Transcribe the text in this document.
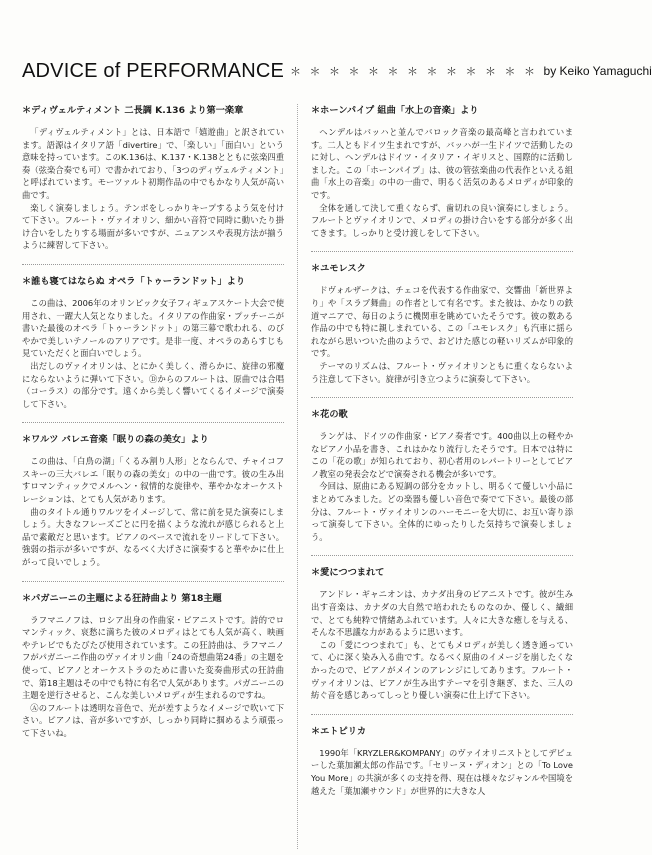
ADVICE of PERFORMANCE ＊＊＊＊＊＊＊＊＊＊＊＊＊ by Keiko Yamaguchi
＊ディヴェルティメント 二長調 K.136 より第一楽章

「ディヴェルティメント」とは、日本語で「嬉遊曲」と訳されています。語源はイタリア語「divertire」で、「楽しい」「面白い」という意味を持っています。このK.136は、K.137・K.138とともに弦楽四重奏（弦楽合奏でも可）で書かれており、「3つのディヴェルティメント」と呼ばれています。モーツァルト初期作品の中でもかなり人気が高い曲です。

楽しく演奏しましょう。テンポをしっかりキープするよう気を付けて下さい。フルート・ヴァイオリン、細かい音符で同時に動いたり掛け合いをしたりする場面が多いですが、ニュアンスや表現方法が揃うように練習して下さい。

＊誰も寝てはならぬ オペラ「トゥーランドット」より

この曲は、2006年のオリンピック女子フィギュアスケート大会で使用され、一躍大人気となりました。イタリアの作曲家・プッチーニが書いた最後のオペラ「トゥーランドット」の第三幕で歌われる、のびやかで美しいテノールのアリアです。是非一度、オペラのあらすじも見ていただくと面白いでしょう。

出だしのヴァイオリンは、とにかく美しく、滑らかに、旋律の邪魔にならないように弾いて下さい。Ⓓからのフルートは、原曲では合唱（コーラス）の部分です。遠くから美しく響いてくるイメージで演奏して下さい。

＊ワルツ バレエ音楽「眠りの森の美女」より

この曲は、「白鳥の湖」「くるみ割り人形」とならんで、チャイコフスキーの三大バレエ「眠りの森の美女」の中の一曲です。彼の生み出すロマンティックでメルヘン・叙情的な旋律や、華やかなオーケストレーションは、とても人気があります。

曲のタイトル通りワルツをイメージして、常に前を見た演奏にしましょう。大きなフレーズごとに円を描くような流れが感じられると上品で素敵だと思います。ピアノのベースで流れをリードして下さい。強弱の指示が多いですが、なるべく大げさに演奏すると華やかに仕上がって良いでしょう。

＊パガニーニの主題による狂詩曲より 第18主題

ラフマニノフは、ロシア出身の作曲家・ピアニストです。詩的でロマンティック、哀愁に満ちた彼のメロディはとても人気が高く、映画やテレビでもたびたび使用されています。この狂詩曲は、ラフマニノフがパガニーニ作曲のヴァイオリン曲「24の奇想曲第24番」の主題を使って、ピアノとオーケストラのために書いた変奏曲形式の狂詩曲で、第18主題はその中でも特に有名で人気があります。パガニーニの主題を逆行させると、こんな美しいメロディが生まれるのですね。

Ⓐのフルートは透明な音色で、光が差すようなイメージで吹いて下さい。ピアノは、音が多いですが、しっかり同時に掴めるよう頑張って下さいね。

＊ホーンパイプ 組曲「水上の音楽」より

ヘンデルはバッハと並んでバロック音楽の最高峰と言われています。二人ともドイツ生まれですが、バッハが一生ドイツで活動したのに対し、ヘンデルはドイツ・イタリア・イギリスと、国際的に活動しました。この「ホーンパイプ」は、彼の管弦楽曲の代表作といえる組曲「水上の音楽」の中の一曲で、明るく活気のあるメロディが印象的です。

全体を通して決して重くならず、歯切れの良い演奏にしましょう。フルートとヴァイオリンで、メロディの掛け合いをする部分が多く出てきます。しっかりと受け渡しをして下さい。

＊ユモレスク

ドヴォルザークは、チェコを代表する作曲家で、交響曲「新世界より」や「スラブ舞曲」の作者として有名です。また彼は、かなりの鉄道マニアで、毎日のように機関車を眺めていたそうです。彼の数ある作品の中でも特に親しまれている、この「ユモレスク」も汽車に揺られながら思いついた曲のようで、おどけた感じの軽いリズムが印象的です。

テーマのリズムは、フルート・ヴァイオリンともに重くならないよう注意して下さい。旋律が引き立つように演奏して下さい。

＊花の歌

ランゲは、ドイツの作曲家・ピアノ奏者です。400曲以上の軽やかなピアノ小品を書き、これはかなり流行したそうです。日本では特にこの「花の歌」が知られており、初心者用のレパートリーとしてピアノ教室の発表会などで演奏される機会が多いです。

今回は、原曲にある短調の部分をカットし、明るくて優しい小品にまとめてみました。どの楽器も優しい音色で奏でて下さい。最後の部分は、フルート・ヴァイオリンのハーモニーを大切に、お互い寄り添って演奏して下さい。全体的にゆったりした気持ちで演奏しましょう。

＊愛につつまれて

アンドレ・ギャニオンは、カナダ出身のピアニストです。彼が生み出す音楽は、カナダの大自然で培われたものなのか、優しく、繊細で、とても純粋で情緒あふれています。人々に大きな癒しを与える、そんな不思議な力があるように思います。

この「愛につつまれて」も、とてもメロディが美しく透き通っていて、心に深く染み入る曲です。なるべく原曲のイメージを崩したくなかったので、ピアノがメインのアレンジにしてあります。フルート・ヴァイオリンは、ピアノが生み出すテーマを引き継ぎ、また、三人の紡ぐ音を感じあってしっとり優しい演奏に仕上げて下さい。

＊エトピリカ

1990年「KRYZLER&KOMPANY」のヴァイオリニストとしてデビューした葉加瀬太郎の作品です。「セリーヌ・ディオン」との「To Love You More」の共演が多くの支持を得、現在は様々なジャンルや国境を越えた「葉加瀬サウンド」が世界的に大きな人
